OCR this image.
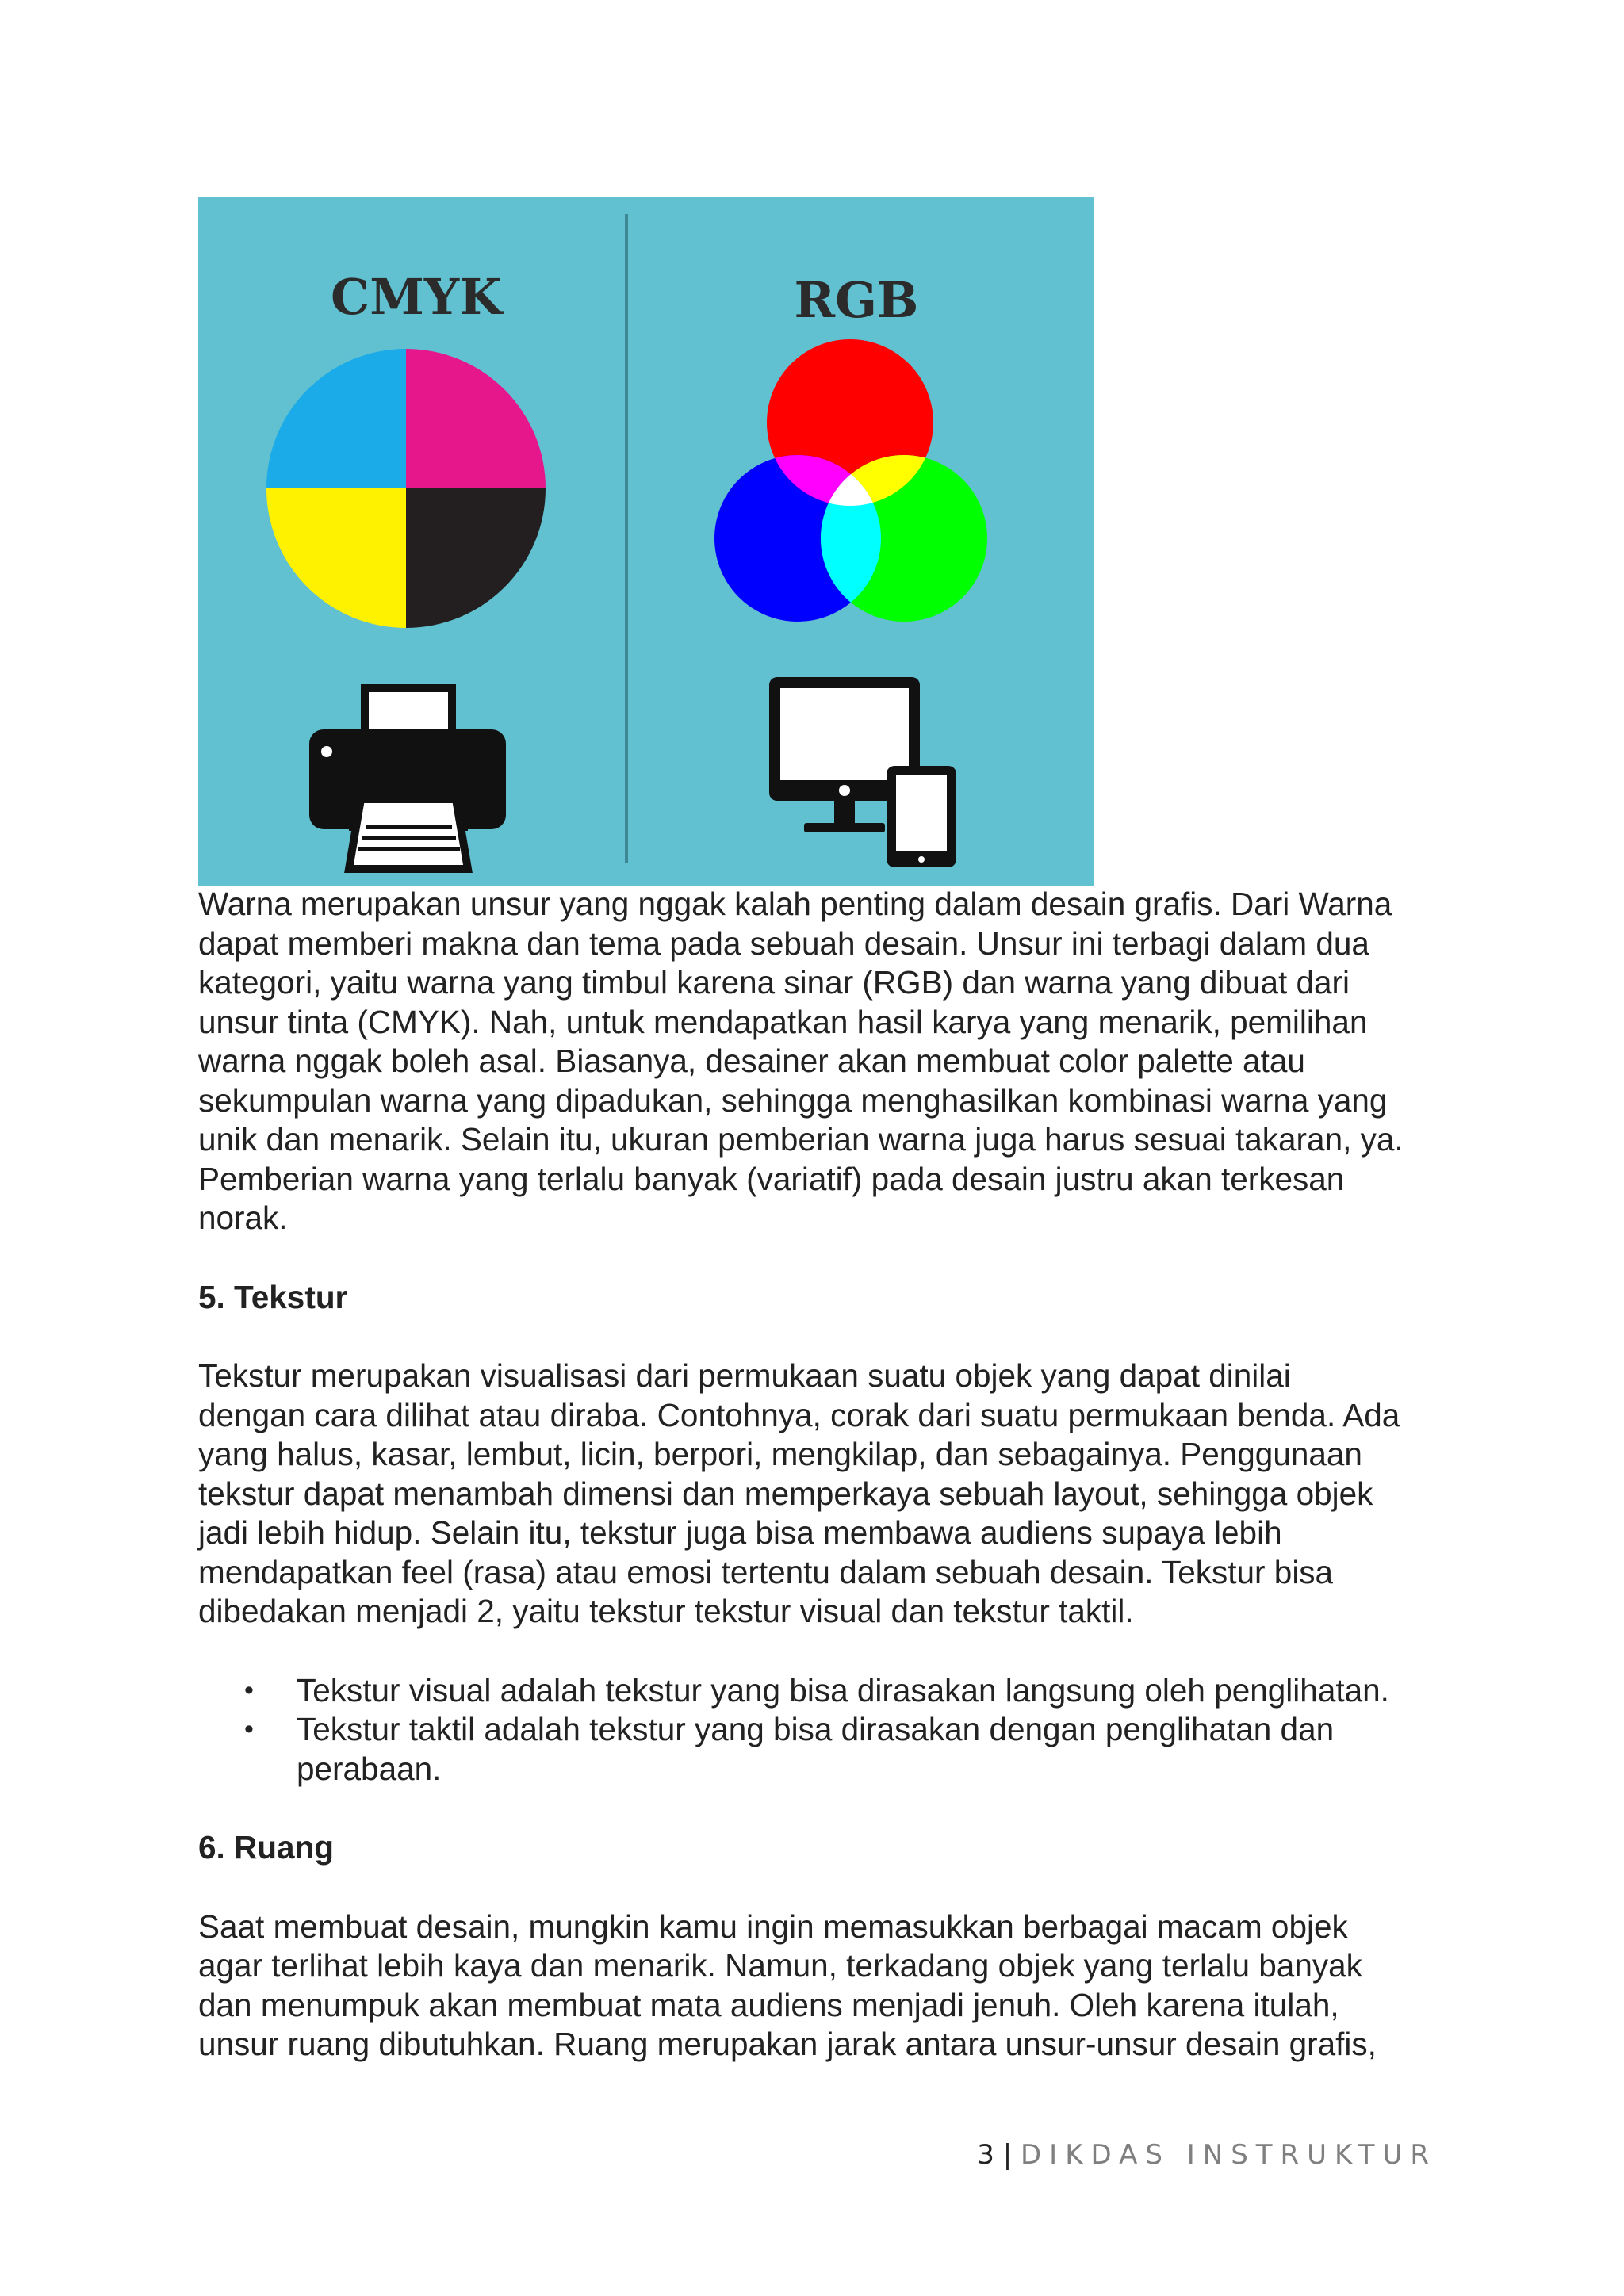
CMYK	RGB

Warna merupakan unsur yang nggak kalah penting dalam desain grafis. Dari Warna
dapat memberi makna dan tema pada sebuah desain. Unsur ini terbagi dalam dua
kategori, yaitu warna yang timbul karena sinar (RGB) dan warna yang dibuat dari
unsur tinta (CMYK). Nah, untuk mendapatkan hasil karya yang menarik, pemilihan
warna nggak boleh asal. Biasanya, desainer akan membuat color palette atau
sekumpulan warna yang dipadukan, sehingga menghasilkan kombinasi warna yang
unik dan menarik. Selain itu, ukuran pemberian warna juga harus sesuai takaran, ya.
Pemberian warna yang terlalu banyak (variatif) pada desain justru akan terkesan
norak.

5. Tekstur

Tekstur merupakan visualisasi dari permukaan suatu objek yang dapat dinilai
dengan cara dilihat atau diraba. Contohnya, corak dari suatu permukaan benda. Ada
yang halus, kasar, lembut, licin, berpori, mengkilap, dan sebagainya. Penggunaan
tekstur dapat menambah dimensi dan memperkaya sebuah layout, sehingga objek
jadi lebih hidup. Selain itu, tekstur juga bisa membawa audiens supaya lebih
mendapatkan feel (rasa) atau emosi tertentu dalam sebuah desain. Tekstur bisa
dibedakan menjadi 2, yaitu tekstur tekstur visual dan tekstur taktil.

• Tekstur visual adalah tekstur yang bisa dirasakan langsung oleh penglihatan.
• Tekstur taktil adalah tekstur yang bisa dirasakan dengan penglihatan dan
perabaan.
6. Ruang

Saat membuat desain, mungkin kamu ingin memasukkan berbagai macam objek
agar terlihat lebih kaya dan menarik. Namun, terkadang objek yang terlalu banyak
dan menumpuk akan membuat mata audiens menjadi jenuh. Oleh karena itulah,
unsur ruang dibutuhkan. Ruang merupakan jarak antara unsur-unsur desain grafis,

3 | DIKDAS INSTRUKTUR
